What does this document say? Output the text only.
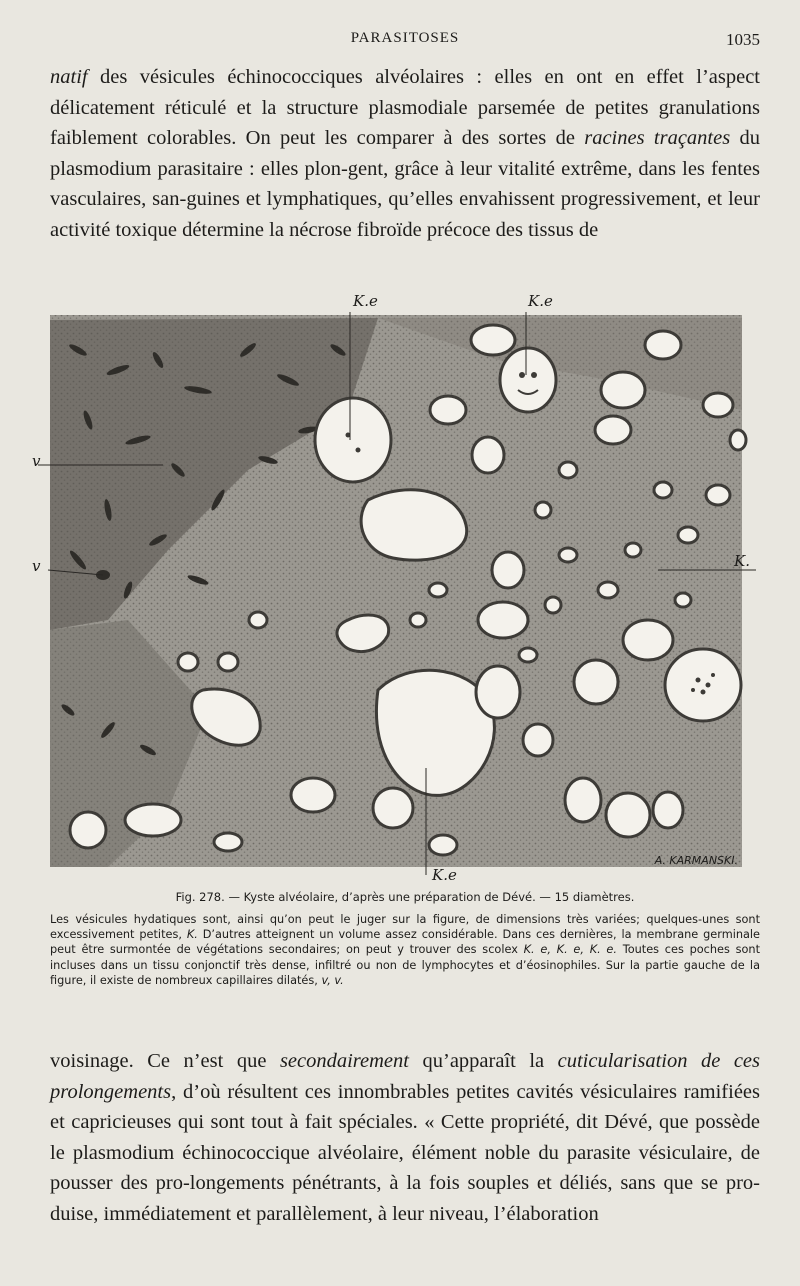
PARASITOSES	1035

natif des vésicules échinococciques alvéolaires : elles en ont en effet l’aspect délicatement réticulé et la structure plasmodiale parsemée de petites granulations faiblement colorables. On peut les comparer à des sortes de racines traçantes du plasmodium parasitaire : elles plon-gent, grâce à leur vitalité extrême, dans les fentes vasculaires, san-guines et lymphatiques, qu’elles envahissent progressivement, et leur activité toxique détermine la nécrose fibroïde précoce des tissus de

K.e	K.e
v
v	K.
K.e
A. KARMANSKI.

Fig. 278. — Kyste alvéolaire, d’après une préparation de Dévé. — 15 diamètres.

Les vésicules hydatiques sont, ainsi qu’on peut le juger sur la figure, de dimensions très variées; quelques-unes sont excessivement petites, K. D’autres atteignent un volume assez considérable. Dans ces dernières, la membrane germinale peut être surmontée de végétations secondaires; on peut y trouver des scolex K. e, K. e, K. e. Toutes ces poches sont incluses dans un tissu conjonctif très dense, infiltré ou non de lymphocytes et d’éosinophiles. Sur la partie gauche de la figure, il existe de nombreux capillaires dilatés, v, v.

voisinage. Ce n’est que secondairement qu’apparaît la cuticularisation de ces prolongements, d’où résultent ces innombrables petites cavités vésiculaires ramifiées et capricieuses qui sont tout à fait spéciales. « Cette propriété, dit Dévé, que possède le plasmodium échinococcique alvéolaire, élément noble du parasite vésiculaire, de pousser des pro-longements pénétrants, à la fois souples et déliés, sans que se pro-duise, immédiatement et parallèlement, à leur niveau, l’élaboration
